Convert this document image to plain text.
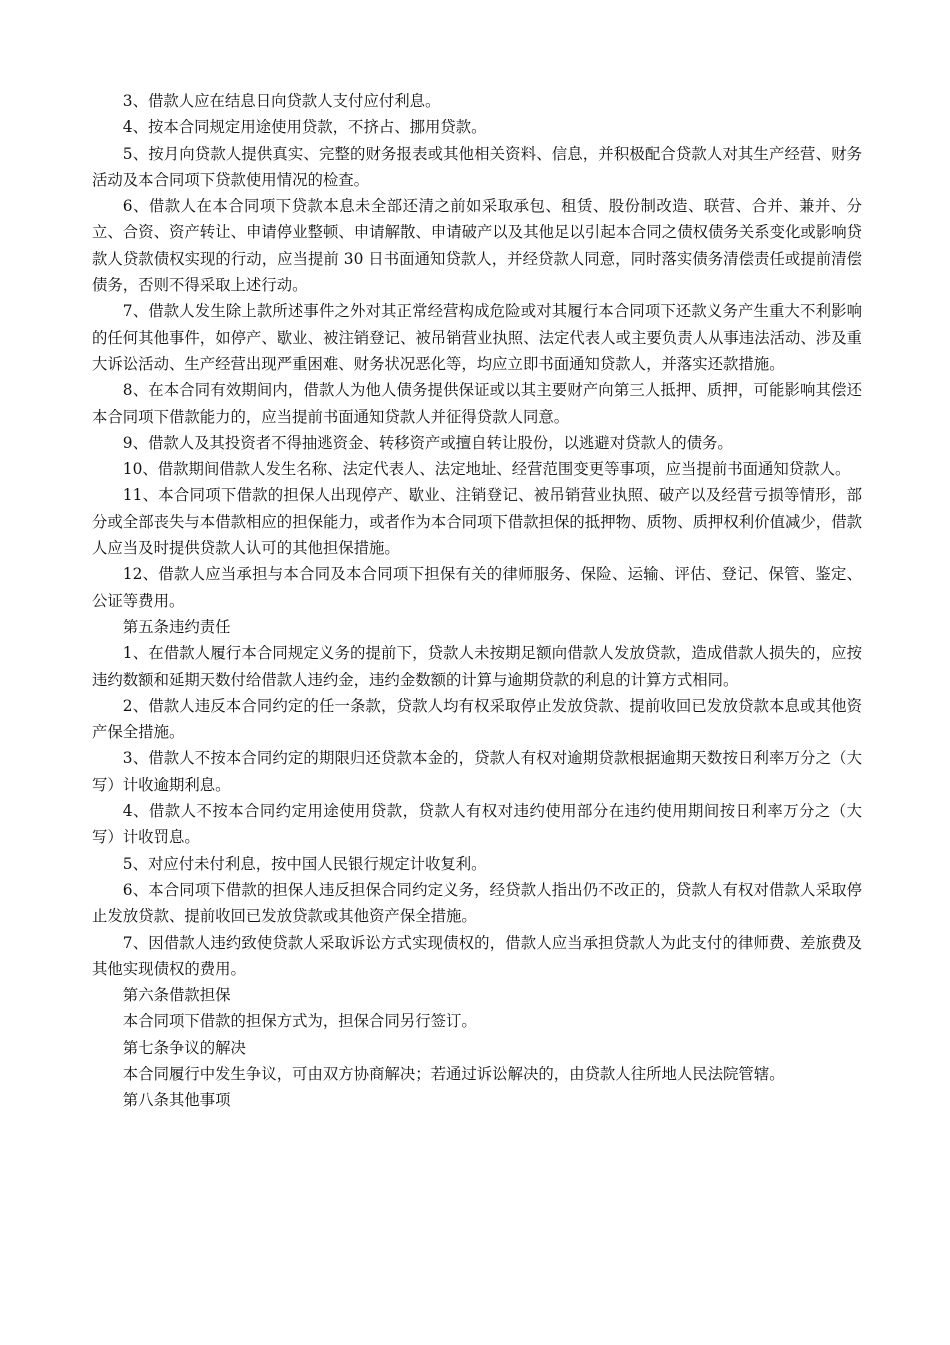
3、借款人应在结息日向贷款人支付应付利息。

4、按本合同规定用途使用贷款，不挤占、挪用贷款。

5、按月向贷款人提供真实、完整的财务报表或其他相关资料、信息，并积极配合贷款人对其生产经营、财务活动及本合同项下贷款使用情况的检查。

6、借款人在本合同项下贷款本息未全部还清之前如采取承包、租赁、股份制改造、联营、合并、兼并、分立、合资、资产转让、申请停业整顿、申请解散、申请破产以及其他足以引起本合同之债权债务关系变化或影响贷款人贷款债权实现的行动，应当提前 30 日书面通知贷款人，并经贷款人同意，同时落实债务清偿责任或提前清偿债务，否则不得采取上述行动。

7、借款人发生除上款所述事件之外对其正常经营构成危险或对其履行本合同项下还款义务产生重大不利影响的任何其他事件，如停产、歇业、被注销登记、被吊销营业执照、法定代表人或主要负责人从事违法活动、涉及重大诉讼活动、生产经营出现严重困难、财务状况恶化等，均应立即书面通知贷款人，并落实还款措施。

8、在本合同有效期间内，借款人为他人债务提供保证或以其主要财产向第三人抵押、质押，可能影响其偿还本合同项下借款能力的，应当提前书面通知贷款人并征得贷款人同意。

9、借款人及其投资者不得抽逃资金、转移资产或擅自转让股份，以逃避对贷款人的债务。

10、借款期间借款人发生名称、法定代表人、法定地址、经营范围变更等事项，应当提前书面通知贷款人。

11、本合同项下借款的担保人出现停产、歇业、注销登记、被吊销营业执照、破产以及经营亏损等情形，部分或全部丧失与本借款相应的担保能力，或者作为本合同项下借款担保的抵押物、质物、质押权利价值减少，借款人应当及时提供贷款人认可的其他担保措施。

12、借款人应当承担与本合同及本合同项下担保有关的律师服务、保险、运输、评估、登记、保管、鉴定、公证等费用。

第五条违约责任

1、在借款人履行本合同规定义务的提前下，贷款人未按期足额向借款人发放贷款，造成借款人损失的，应按违约数额和延期天数付给借款人违约金，违约金数额的计算与逾期贷款的利息的计算方式相同。

2、借款人违反本合同约定的任一条款，贷款人均有权采取停止发放贷款、提前收回已发放贷款本息或其他资产保全措施。

3、借款人不按本合同约定的期限归还贷款本金的，贷款人有权对逾期贷款根据逾期天数按日利率万分之（大写）计收逾期利息。

4、借款人不按本合同约定用途使用贷款，贷款人有权对违约使用部分在违约使用期间按日利率万分之（大写）计收罚息。

5、对应付未付利息，按中国人民银行规定计收复利。

6、本合同项下借款的担保人违反担保合同约定义务，经贷款人指出仍不改正的，贷款人有权对借款人采取停止发放贷款、提前收回已发放贷款或其他资产保全措施。

7、因借款人违约致使贷款人采取诉讼方式实现债权的，借款人应当承担贷款人为此支付的律师费、差旅费及其他实现债权的费用。

第六条借款担保

本合同项下借款的担保方式为，担保合同另行签订。

第七条争议的解决

本合同履行中发生争议，可由双方协商解决；若通过诉讼解决的，由贷款人往所地人民法院管辖。

第八条其他事项
